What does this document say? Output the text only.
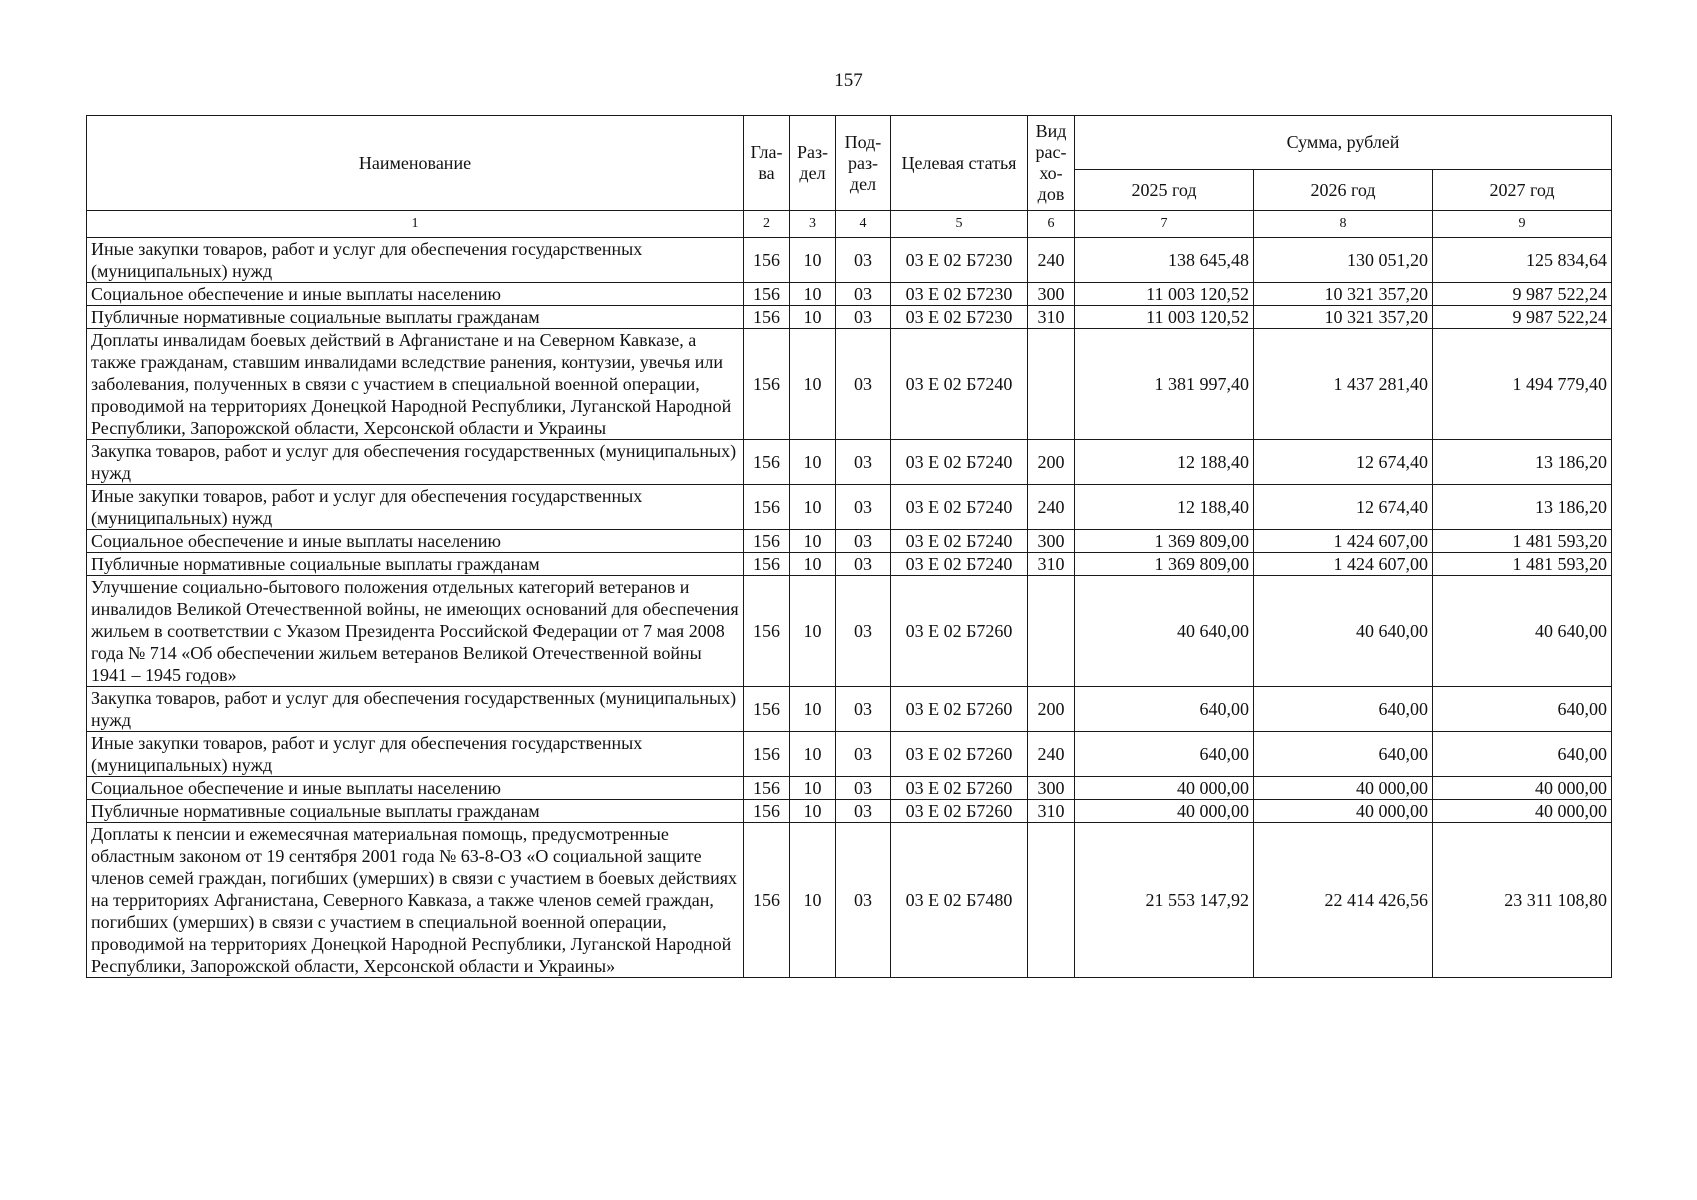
157
Наименование	Гла-ва	Раз-дел	Под-раз-дел	Целевая статья	Вид рас-хо-дов	Сумма, рублей		
						2025 год	2026 год	2027 год
1	2	3	4	5	6	7	8	9
Иные закупки товаров, работ и услуг для обеспечения государственных (муниципальных) нужд	156	10	03	03 Е 02 Б7230	240	138 645,48	130 051,20	125 834,64
Социальное обеспечение и иные выплаты населению	156	10	03	03 Е 02 Б7230	300	11 003 120,52	10 321 357,20	9 987 522,24
Публичные нормативные социальные выплаты гражданам	156	10	03	03 Е 02 Б7230	310	11 003 120,52	10 321 357,20	9 987 522,24
Доплаты инвалидам боевых действий в Афганистане и на Северном Кавказе, а также гражданам, ставшим инвалидами вследствие ранения, контузии, увечья или заболевания, полученных в связи с участием в специальной военной операции, проводимой на территориях Донецкой Народной Республики, Луганской Народной Республики, Запорожской области, Херсонской области и Украины	156	10	03	03 Е 02 Б7240		1 381 997,40	1 437 281,40	1 494 779,40
Закупка товаров, работ и услуг для обеспечения государственных (муниципальных) нужд	156	10	03	03 Е 02 Б7240	200	12 188,40	12 674,40	13 186,20
Иные закупки товаров, работ и услуг для обеспечения государственных (муниципальных) нужд	156	10	03	03 Е 02 Б7240	240	12 188,40	12 674,40	13 186,20
Социальное обеспечение и иные выплаты населению	156	10	03	03 Е 02 Б7240	300	1 369 809,00	1 424 607,00	1 481 593,20
Публичные нормативные социальные выплаты гражданам	156	10	03	03 Е 02 Б7240	310	1 369 809,00	1 424 607,00	1 481 593,20
Улучшение социально-бытового положения отдельных категорий ветеранов и инвалидов Великой Отечественной войны, не имеющих оснований для обеспечения жильем в соответствии с Указом Президента Российской Федерации от 7 мая 2008 года № 714 «Об обеспечении жильем ветеранов Великой Отечественной войны 1941 – 1945 годов»	156	10	03	03 Е 02 Б7260		40 640,00	40 640,00	40 640,00
Закупка товаров, работ и услуг для обеспечения государственных (муниципальных) нужд	156	10	03	03 Е 02 Б7260	200	640,00	640,00	640,00
Иные закупки товаров, работ и услуг для обеспечения государственных (муниципальных) нужд	156	10	03	03 Е 02 Б7260	240	640,00	640,00	640,00
Социальное обеспечение и иные выплаты населению	156	10	03	03 Е 02 Б7260	300	40 000,00	40 000,00	40 000,00
Публичные нормативные социальные выплаты гражданам	156	10	03	03 Е 02 Б7260	310	40 000,00	40 000,00	40 000,00
Доплаты к пенсии и ежемесячная материальная помощь, предусмотренные областным законом от 19 сентября 2001 года № 63-8-ОЗ «О социальной защите членов семей граждан, погибших (умерших) в связи с участием в боевых действиях на территориях Афганистана, Северного Кавказа, а также членов семей граждан, погибших (умерших) в связи с участием в специальной военной операции, проводимой на территориях Донецкой Народной Республики, Луганской Народной Республики, Запорожской области, Херсонской области и Украины»	156	10	03	03 Е 02 Б7480		21 553 147,92	22 414 426,56	23 311 108,80
